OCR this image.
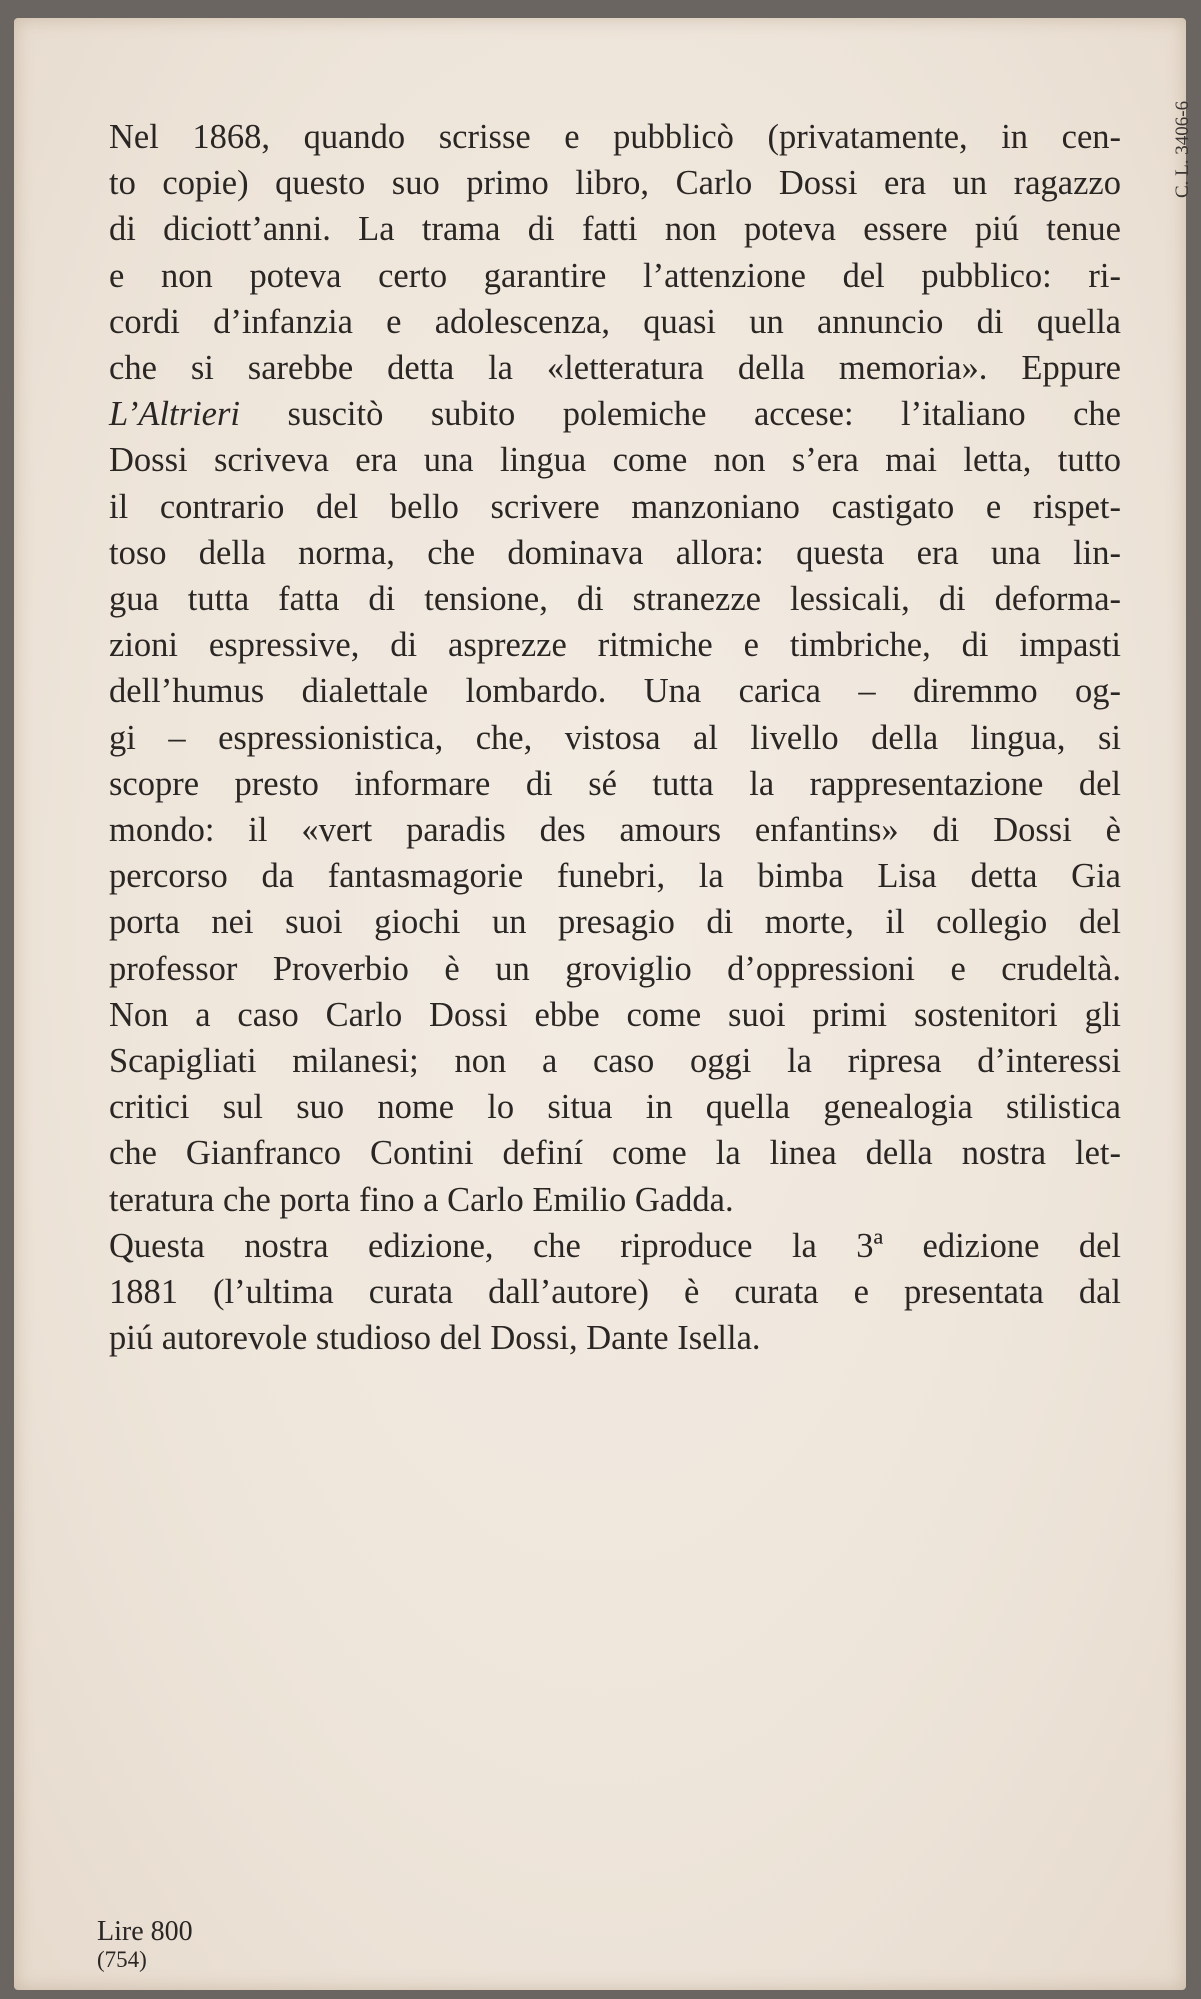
C. L. 3406-6
Nel 1868, quando scrisse e pubblicò (privatamente, in cen-
to copie) questo suo primo libro, Carlo Dossi era un ragazzo
di diciott’anni. La trama di fatti non poteva essere piú tenue
e non poteva certo garantire l’attenzione del pubblico: ri-
cordi d’infanzia e adolescenza, quasi un annuncio di quella
che si sarebbe detta la «letteratura della memoria». Eppure
L’Altrieri suscitò subito polemiche accese: l’italiano che
Dossi scriveva era una lingua come non s’era mai letta, tutto
il contrario del bello scrivere manzoniano castigato e rispet-
toso della norma, che dominava allora: questa era una lin-
gua tutta fatta di tensione, di stranezze lessicali, di deforma-
zioni espressive, di asprezze ritmiche e timbriche, di impasti
dell’humus dialettale lombardo. Una carica – diremmo og-
gi – espressionistica, che, vistosa al livello della lingua, si
scopre presto informare di sé tutta la rappresentazione del
mondo: il «vert paradis des amours enfantins» di Dossi è
percorso da fantasmagorie funebri, la bimba Lisa detta Gia
porta nei suoi giochi un presagio di morte, il collegio del
professor Proverbio è un groviglio d’oppressioni e crudeltà.
Non a caso Carlo Dossi ebbe come suoi primi sostenitori gli
Scapigliati milanesi; non a caso oggi la ripresa d’interessi
critici sul suo nome lo situa in quella genealogia stilistica
che Gianfranco Contini definí come la linea della nostra let-
teratura che porta fino a Carlo Emilio Gadda.
Questa nostra edizione, che riproduce la 3ª edizione del
1881 (l’ultima curata dall’autore) è curata e presentata dal
piú autorevole studioso del Dossi, Dante Isella.
Lire 800
(754)
